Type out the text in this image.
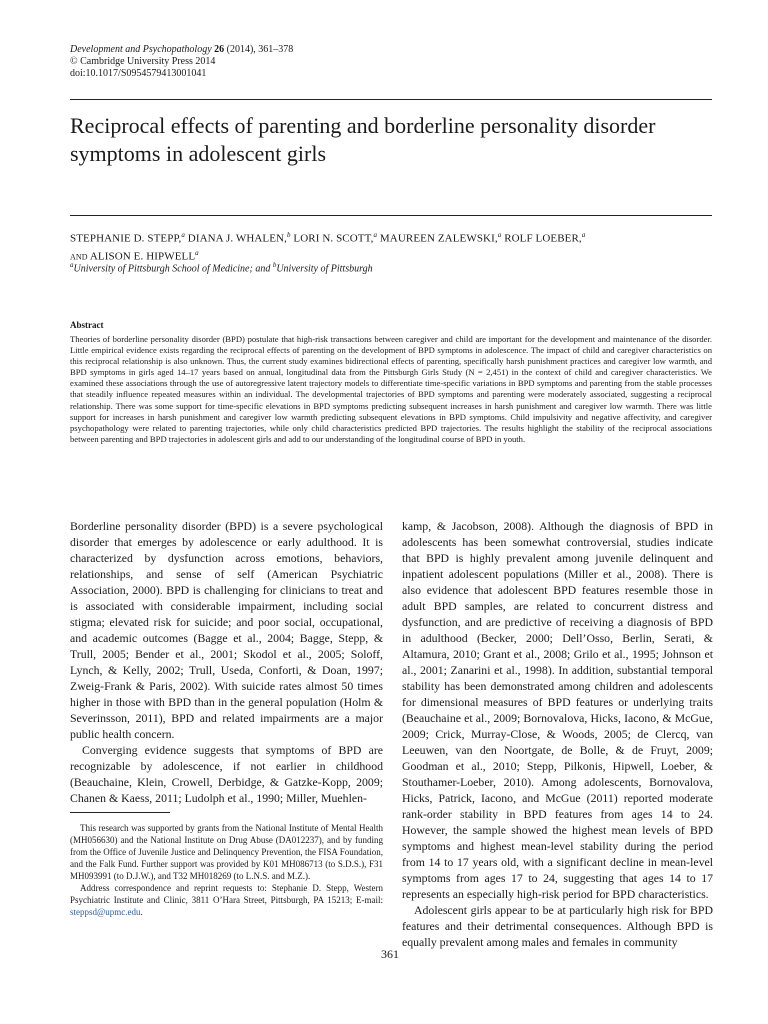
Development and Psychopathology 26 (2014), 361–378
© Cambridge University Press 2014
doi:10.1017/S0954579413001041
Reciprocal effects of parenting and borderline personality disorder symptoms in adolescent girls
STEPHANIE D. STEPP,$^a$ DIANA J. WHALEN,$^b$ LORI N. SCOTT,$^a$ MAUREEN ZALEWSKI,$^a$ ROLF LOEBER,$^a$
and ALISON E. HIPWELL$^a$
$^a$University of Pittsburgh School of Medicine; and $^b$University of Pittsburgh
Abstract
Theories of borderline personality disorder (BPD) postulate that high-risk transactions between caregiver and child are important for the development and maintenance of the disorder. Little empirical evidence exists regarding the reciprocal effects of parenting on the development of BPD symptoms in adolescence. The impact of child and caregiver characteristics on this reciprocal relationship is also unknown. Thus, the current study examines bidirectional effects of parenting, specifically harsh punishment practices and caregiver low warmth, and BPD symptoms in girls aged 14–17 years based on annual, longitudinal data from the Pittsburgh Girls Study (N = 2,451) in the context of child and caregiver characteristics. We examined these associations through the use of autoregressive latent trajectory models to differentiate time-specific variations in BPD symptoms and parenting from the stable processes that steadily influence repeated measures within an individual. The developmental trajectories of BPD symptoms and parenting were moderately associated, suggesting a reciprocal relationship. There was some support for time-specific elevations in BPD symptoms predicting subsequent increases in harsh punishment and caregiver low warmth. There was little support for increases in harsh punishment and caregiver low warmth predicting subsequent elevations in BPD symptoms. Child impulsivity and negative affectivity, and caregiver psychopathology were related to parenting trajectories, while only child characteristics predicted BPD trajectories. The results highlight the stability of the reciprocal associations between parenting and BPD trajectories in adolescent girls and add to our understanding of the longitudinal course of BPD in youth.

Borderline personality disorder (BPD) is a severe psychological disorder that emerges by adolescence or early adulthood. It is characterized by dysfunction across emotions, behaviors, relationships, and sense of self (American Psychiatric Association, 2000). BPD is challenging for clinicians to treat and is associated with considerable impairment, including social stigma; elevated risk for suicide; and poor social, occupational, and academic outcomes (Bagge et al., 2004; Bagge, Stepp, & Trull, 2005; Bender et al., 2001; Skodol et al., 2005; Soloff, Lynch, & Kelly, 2002; Trull, Useda, Conforti, & Doan, 1997; Zweig-Frank & Paris, 2002). With suicide rates almost 50 times higher in those with BPD than in the general population (Holm & Severinsson, 2011), BPD and related impairments are a major public health concern.

Converging evidence suggests that symptoms of BPD are recognizable by adolescence, if not earlier in childhood (Beauchaine, Klein, Crowell, Derbidge, & Gatzke-Kopp, 2009; Chanen & Kaess, 2011; Ludolph et al., 1990; Miller, Muehlen-

This research was supported by grants from the National Institute of Mental Health (MH056630) and the National Institute on Drug Abuse (DA012237), and by funding from the Office of Juvenile Justice and Delinquency Prevention, the FISA Foundation, and the Falk Fund. Further support was provided by K01 MH086713 (to S.D.S.), F31 MH093991 (to D.J.W.), and T32 MH018269 (to L.N.S. and M.Z.).

Address correspondence and reprint requests to: Stephanie D. Stepp, Western Psychiatric Institute and Clinic, 3811 O’Hara Street, Pittsburgh, PA 15213; E-mail: steppsd@upmc.edu.

kamp, & Jacobson, 2008). Although the diagnosis of BPD in adolescents has been somewhat controversial, studies indicate that BPD is highly prevalent among juvenile delinquent and inpatient adolescent populations (Miller et al., 2008). There is also evidence that adolescent BPD features resemble those in adult BPD samples, are related to concurrent distress and dysfunction, and are predictive of receiving a diagnosis of BPD in adulthood (Becker, 2000; Dell’Osso, Berlin, Serati, & Altamura, 2010; Grant et al., 2008; Grilo et al., 1995; Johnson et al., 2001; Zanarini et al., 1998). In addition, substantial temporal stability has been demonstrated among children and adolescents for dimensional measures of BPD features or underlying traits (Beauchaine et al., 2009; Bornovalova, Hicks, Iacono, & McGue, 2009; Crick, Murray-Close, & Woods, 2005; de Clercq, van Leeuwen, van den Noortgate, de Bolle, & de Fruyt, 2009; Goodman et al., 2010; Stepp, Pilkonis, Hipwell, Loeber, & Stouthamer-Loeber, 2010). Among adolescents, Bornovalova, Hicks, Patrick, Iacono, and McGue (2011) reported moderate rank-order stability in BPD features from ages 14 to 24. However, the sample showed the highest mean levels of BPD symptoms and highest mean-level stability during the period from 14 to 17 years old, with a significant decline in mean-level symptoms from ages 17 to 24, suggesting that ages 14 to 17 represents an especially high-risk period for BPD characteristics.

Adolescent girls appear to be at particularly high risk for BPD features and their detrimental consequences. Although BPD is equally prevalent among males and females in community

361
